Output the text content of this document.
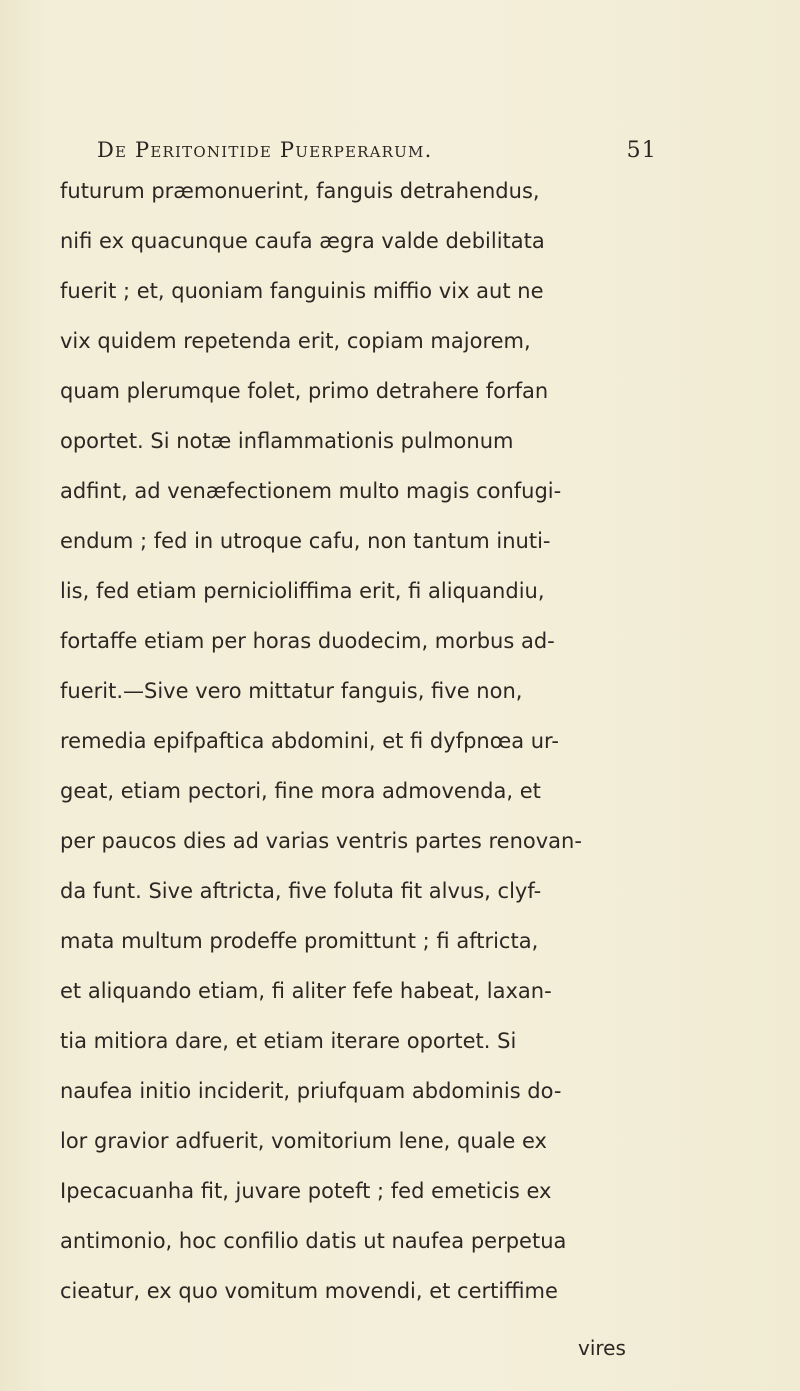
De Peritonitide Puerperarum.	51
futurum præmonuerint, fanguis detrahendus,
nifi ex quacunque caufa ægra valde debilitata
fuerit ; et, quoniam fanguinis miffio vix aut ne
vix quidem repetenda erit, copiam majorem,
quam plerumque folet, primo detrahere forfan
oportet. Si notæ inflammationis pulmonum
adfint, ad venæfectionem multo magis confugi-
endum ; fed in utroque cafu, non tantum inuti-
lis, fed etiam pernicioliffima erit, fi aliquandiu,
fortaffe etiam per horas duodecim, morbus ad-
fuerit.—Sive vero mittatur fanguis, five non,
remedia epifpaftica abdomini, et fi dyfpnœa ur-
geat, etiam pectori, fine mora admovenda, et
per paucos dies ad varias ventris partes renovan-
da funt. Sive aftricta, five foluta fit alvus, clyf-
mata multum prodeffe promittunt ; fi aftricta,
et aliquando etiam, fi aliter fefe habeat, laxan-
tia mitiora dare, et etiam iterare oportet. Si
naufea initio inciderit, priufquam abdominis do-
lor gravior adfuerit, vomitorium lene, quale ex
Ipecacuanha fit, juvare poteft ; fed emeticis ex
antimonio, hoc confilio datis ut naufea perpetua
cieatur, ex quo vomitum movendi, et certiffime
vires
